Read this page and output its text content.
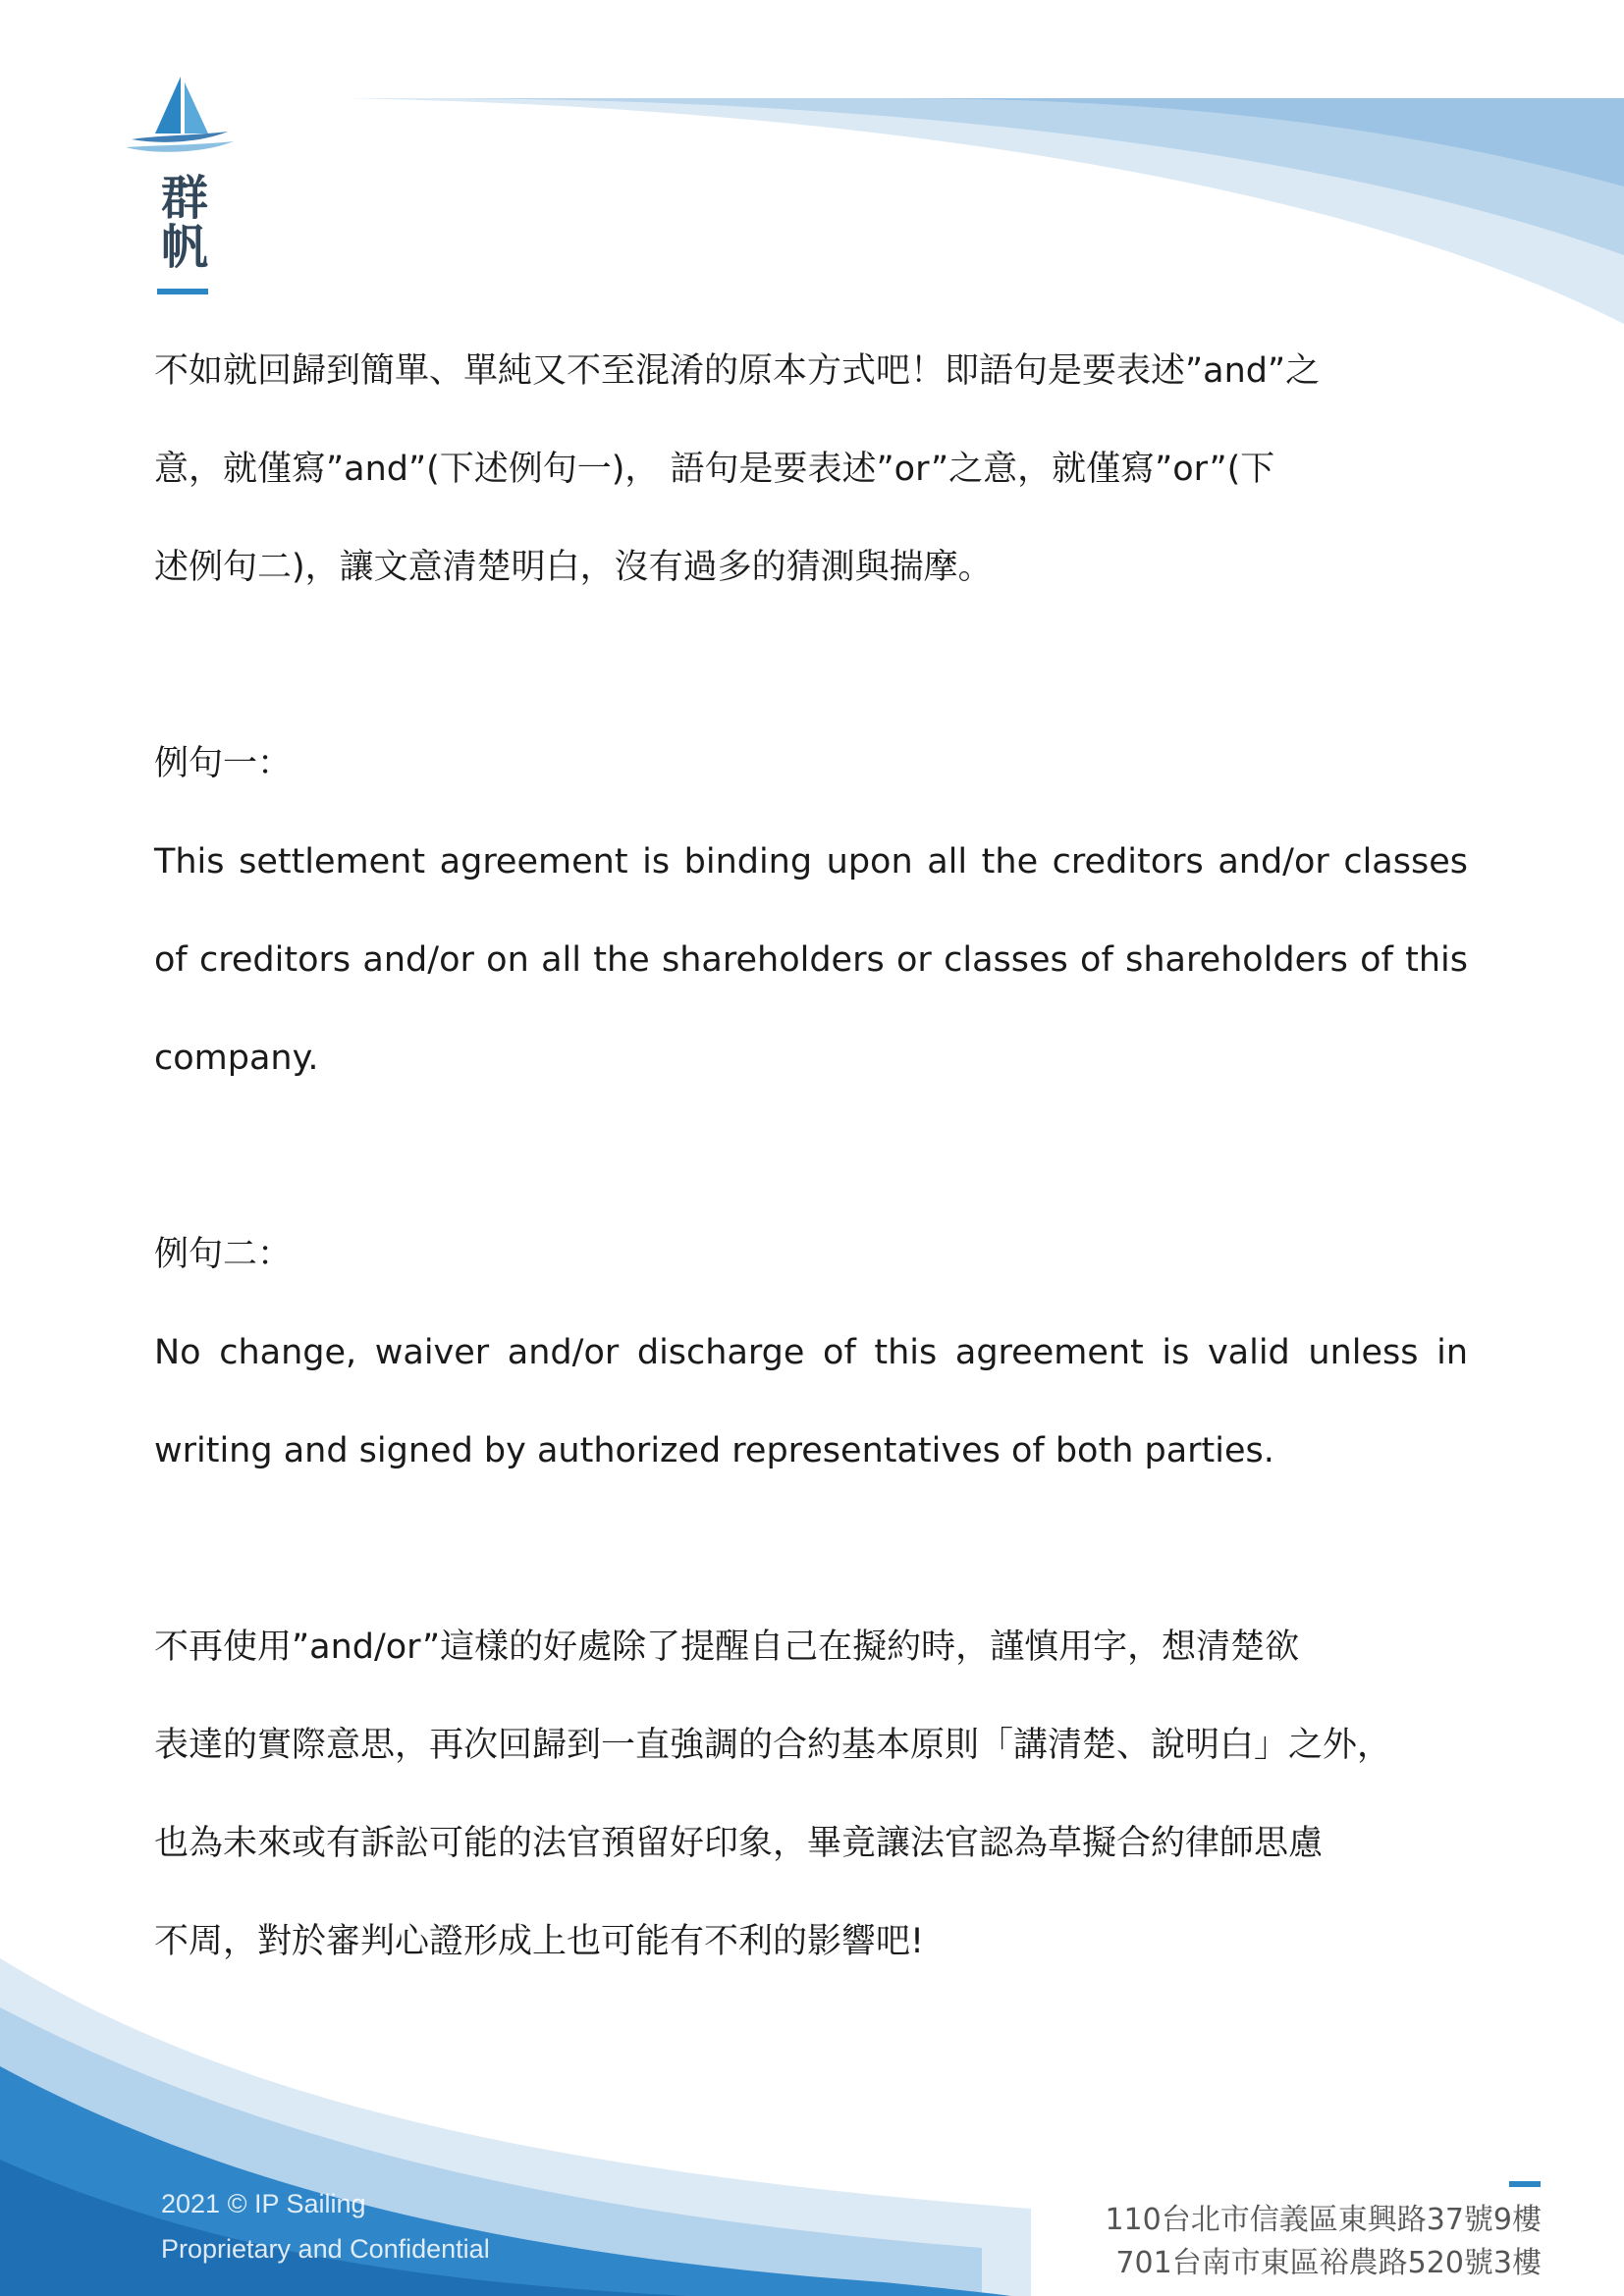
群
帆

不如就回歸到簡單、單純又不至混淆的原本方式吧！即語句是要表述”and”之
意，就僅寫”and”(下述例句一)， 語句是要表述”or”之意，就僅寫”or”(下
述例句二)，讓文意清楚明白，沒有過多的猜測與揣摩。

例句一：

This settlement agreement is binding upon all the creditors and/or classes of creditors and/or on all the shareholders or classes of shareholders of this company.

例句二：

No change, waiver and/or discharge of this agreement is valid unless in writing and signed by authorized representatives of both parties.

不再使用”and/or”這樣的好處除了提醒自己在擬約時，謹慎用字，想清楚欲
表達的實際意思，再次回歸到一直強調的合約基本原則「講清楚、說明白」之外，
也為未來或有訴訟可能的法官預留好印象，畢竟讓法官認為草擬合約律師思慮
不周，對於審判心證形成上也可能有不利的影響吧!

2021 © IP Sailing
Proprietary and Confidential
110台北市信義區東興路37號9樓
701台南市東區裕農路520號3樓
